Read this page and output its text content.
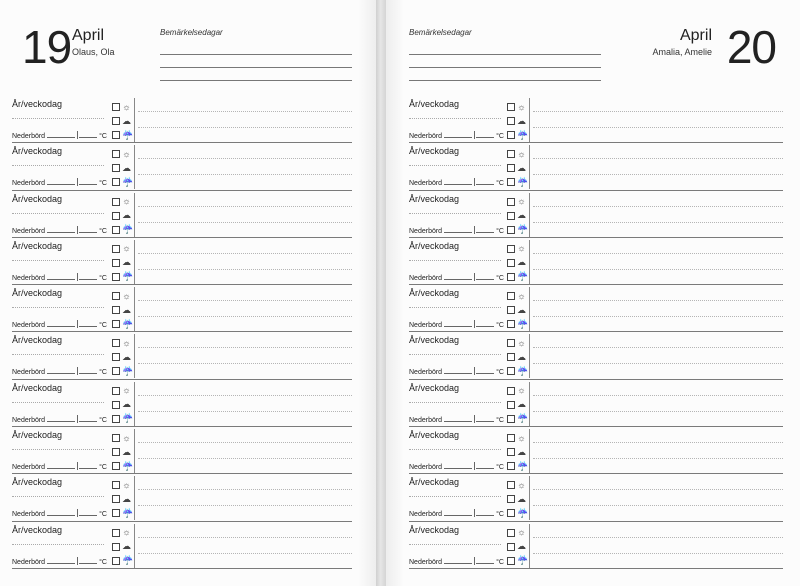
19 April
Olaus, Ola
Bemärkelsedagar
År/veckodag
Nederbörd	°C
☼
☁
☔
År/veckodag
Nederbörd	°C
☼
☁
☔
År/veckodag
Nederbörd	°C
☼
☁
☔
År/veckodag
Nederbörd	°C
☼
☁
☔
År/veckodag
Nederbörd	°C
☼
☁
☔
År/veckodag
Nederbörd	°C
☼
☁
☔
År/veckodag
Nederbörd	°C
☼
☁
☔
År/veckodag
Nederbörd	°C
☼
☁
☔
År/veckodag
Nederbörd	°C
☼
☁
☔
År/veckodag
Nederbörd	°C
☼
☁
☔
Bemärkelsedagar	April
Amalia, Amelie 20
År/veckodag
Nederbörd	°C
☼
☁
☔
År/veckodag
Nederbörd	°C
☼
☁
☔
År/veckodag
Nederbörd	°C
☼
☁
☔
År/veckodag
Nederbörd	°C
☼
☁
☔
År/veckodag
Nederbörd	°C
☼
☁
☔
År/veckodag
Nederbörd	°C
☼
☁
☔
År/veckodag
Nederbörd	°C
☼
☁
☔
År/veckodag
Nederbörd	°C
☼
☁
☔
År/veckodag
Nederbörd	°C
☼
☁
☔
År/veckodag
Nederbörd	°C
☼
☁
☔
